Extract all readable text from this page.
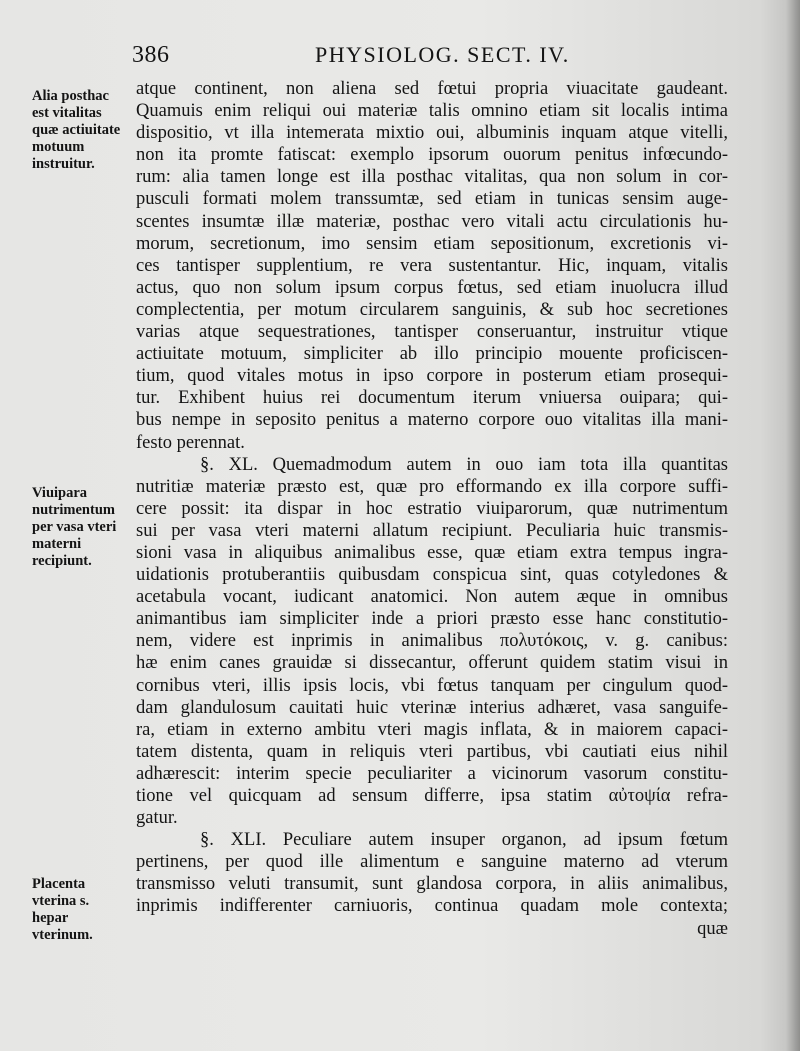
386	PHYSIOLOG. SECT. IV.
Alia posthac est vitalitas quæ actiuitate motuum instruitur.
Viuipara nutrimentum per vasa vteri materni recipiunt.
Placenta vterina s. hepar vterinum.
atque continent, non aliena sed fœtui propria viuacitate gaudeant.
Quamuis enim reliqui oui materiæ talis omnino etiam sit localis intima
dispositio, vt illa intemerata mixtio oui, albuminis inquam atque vitelli,
non ita promte fatiscat: exemplo ipsorum ouorum penitus infœcundo-
rum: alia tamen longe est illa posthac vitalitas, qua non solum in cor-
pusculi formati molem transsumtæ, sed etiam in tunicas sensim auge-
scentes insumtæ illæ materiæ, posthac vero vitali actu circulationis hu-
morum, secretionum, imo sensim etiam sepositionum, excretionis vi-
ces tantisper supplentium, re vera sustentantur. Hic, inquam, vitalis
actus, quo non solum ipsum corpus fœtus, sed etiam inuolucra illud
complectentia, per motum circularem sanguinis, & sub hoc secretiones
varias atque sequestrationes, tantisper conseruantur, instruitur vtique
actiuitate motuum, simpliciter ab illo principio mouente proficiscen-
tium, quod vitales motus in ipso corpore in posterum etiam prosequi-
tur. Exhibent huius rei documentum iterum vniuersa ouipara; qui-
bus nempe in seposito penitus a materno corpore ouo vitalitas illa mani-
festo perennat.
§. XL. Quemadmodum autem in ouo iam tota illa quantitas
nutritiæ materiæ præsto est, quæ pro efformando ex illa corpore suffi-
cere possit: ita dispar in hoc estratio viuiparorum, quæ nutrimentum
sui per vasa vteri materni allatum recipiunt. Peculiaria huic transmis-
sioni vasa in aliquibus animalibus esse, quæ etiam extra tempus ingra-
uidationis protuberantiis quibusdam conspicua sint, quas cotyledones &
acetabula vocant, iudicant anatomici. Non autem æque in omnibus
animantibus iam simpliciter inde a priori præsto esse hanc constitutio-
nem, videre est inprimis in animalibus πολυτόκοις, v. g. canibus:
hæ enim canes grauidæ si dissecantur, offerunt quidem statim visui in
cornibus vteri, illis ipsis locis, vbi fœtus tanquam per cingulum quod-
dam glandulosum cauitati huic vterinæ interius adhæret, vasa sanguife-
ra, etiam in externo ambitu vteri magis inflata, & in maiorem capaci-
tatem distenta, quam in reliquis vteri partibus, vbi cautiati eius nihil
adhærescit: interim specie peculiariter a vicinorum vasorum constitu-
tione vel quicquam ad sensum differre, ipsa statim αὐτοψία refra-
gatur.
§. XLI. Peculiare autem insuper organon, ad ipsum fœtum
pertinens, per quod ille alimentum e sanguine materno ad vterum
transmisso veluti transumit, sunt glandosa corpora, in aliis animalibus,
inprimis indifferenter carniuoris, continua quadam mole contexta;
quæ
